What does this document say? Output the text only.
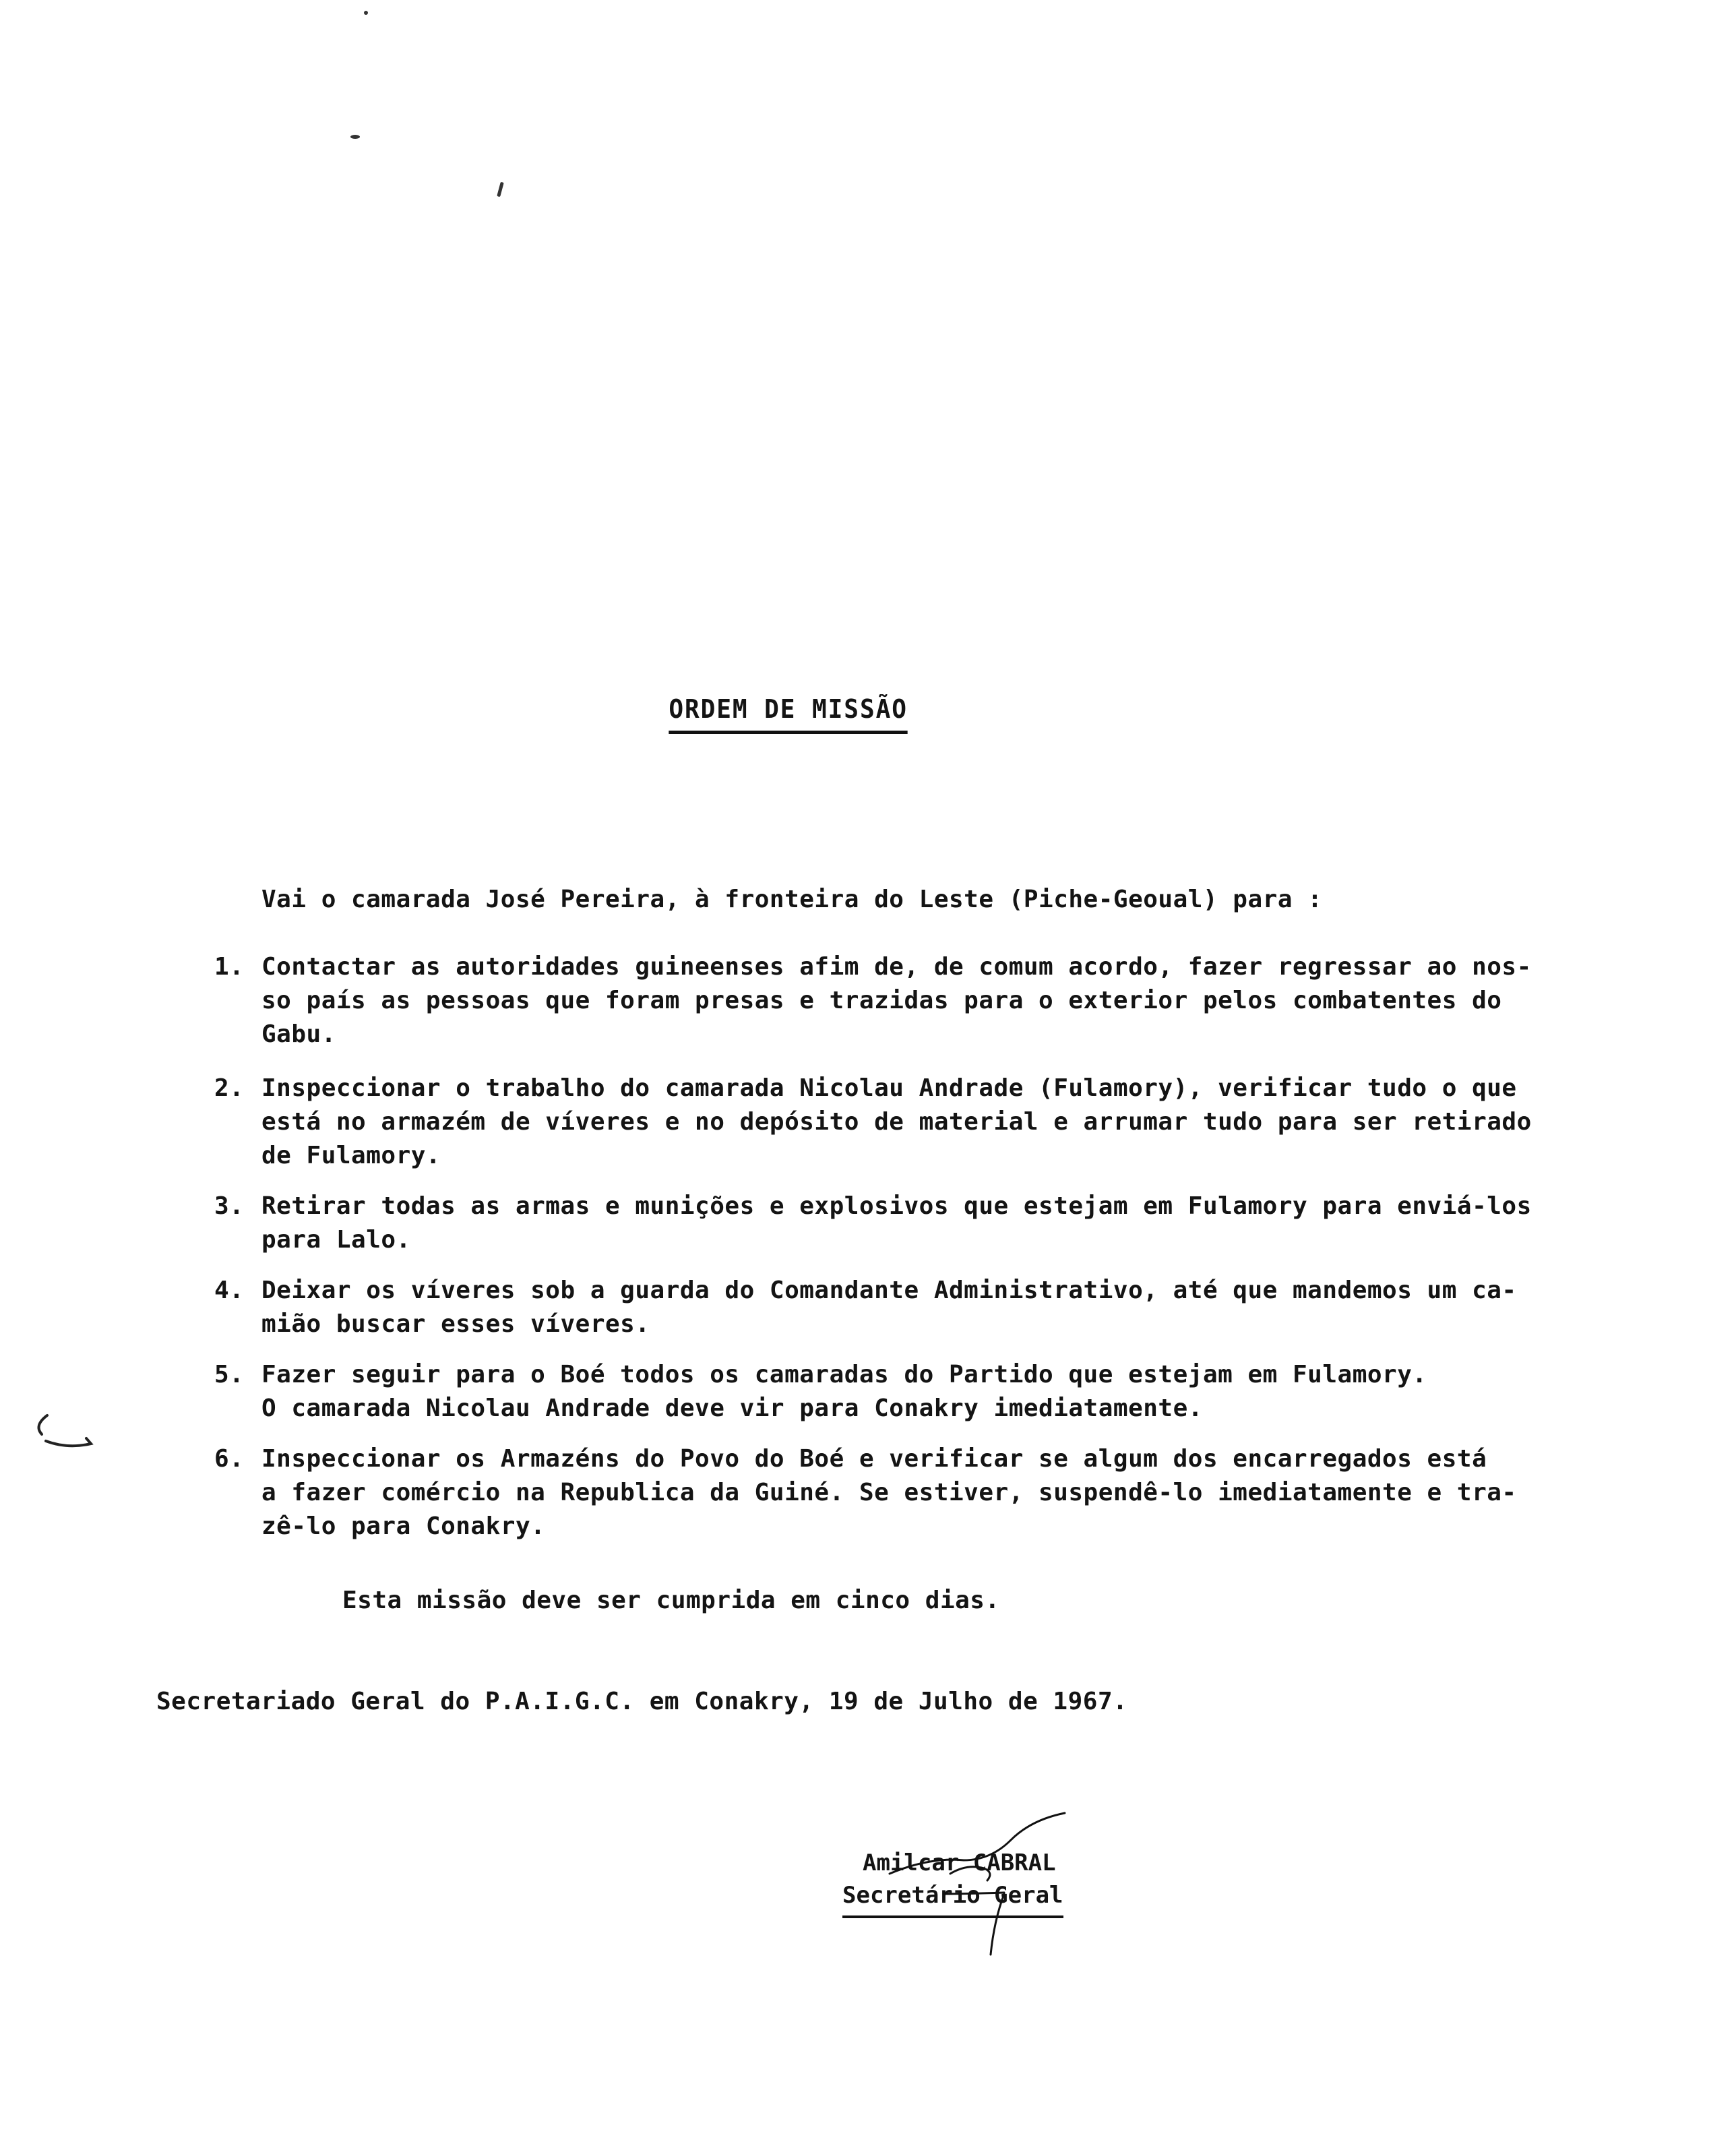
ORDEM DE MISSÃO
Vai o camarada José Pereira, à fronteira do Leste (Piche-Geoual) para :
1. Contactar as autoridades guineenses afim de, de comum acordo, fazer regressar ao nos-
so país as pessoas que foram presas e trazidas para o exterior pelos combatentes do
Gabu.
2. Inspeccionar o trabalho do camarada Nicolau Andrade (Fulamory), verificar tudo o que
está no armazém de víveres e no depósito de material e arrumar tudo para ser retirado
de Fulamory.
3. Retirar todas as armas e munições e explosivos que estejam em Fulamory para enviá-los
para Lalo.
4. Deixar os víveres sob a guarda do Comandante Administrativo, até que mandemos um ca-
mião buscar esses víveres.
5. Fazer seguir para o Boé todos os camaradas do Partido que estejam em Fulamory.
O camarada Nicolau Andrade deve vir para Conakry imediatamente.
6. Inspeccionar os Armazéns do Povo do Boé e verificar se algum dos encarregados está
a fazer comércio na Republica da Guiné. Se estiver, suspendê-lo imediatamente e tra-
zê-lo para Conakry.
Esta missão deve ser cumprida em cinco dias.
Secretariado Geral do P.A.I.G.C. em Conakry, 19 de Julho de 1967.
Amilcar CABRAL
Secretário Geral
